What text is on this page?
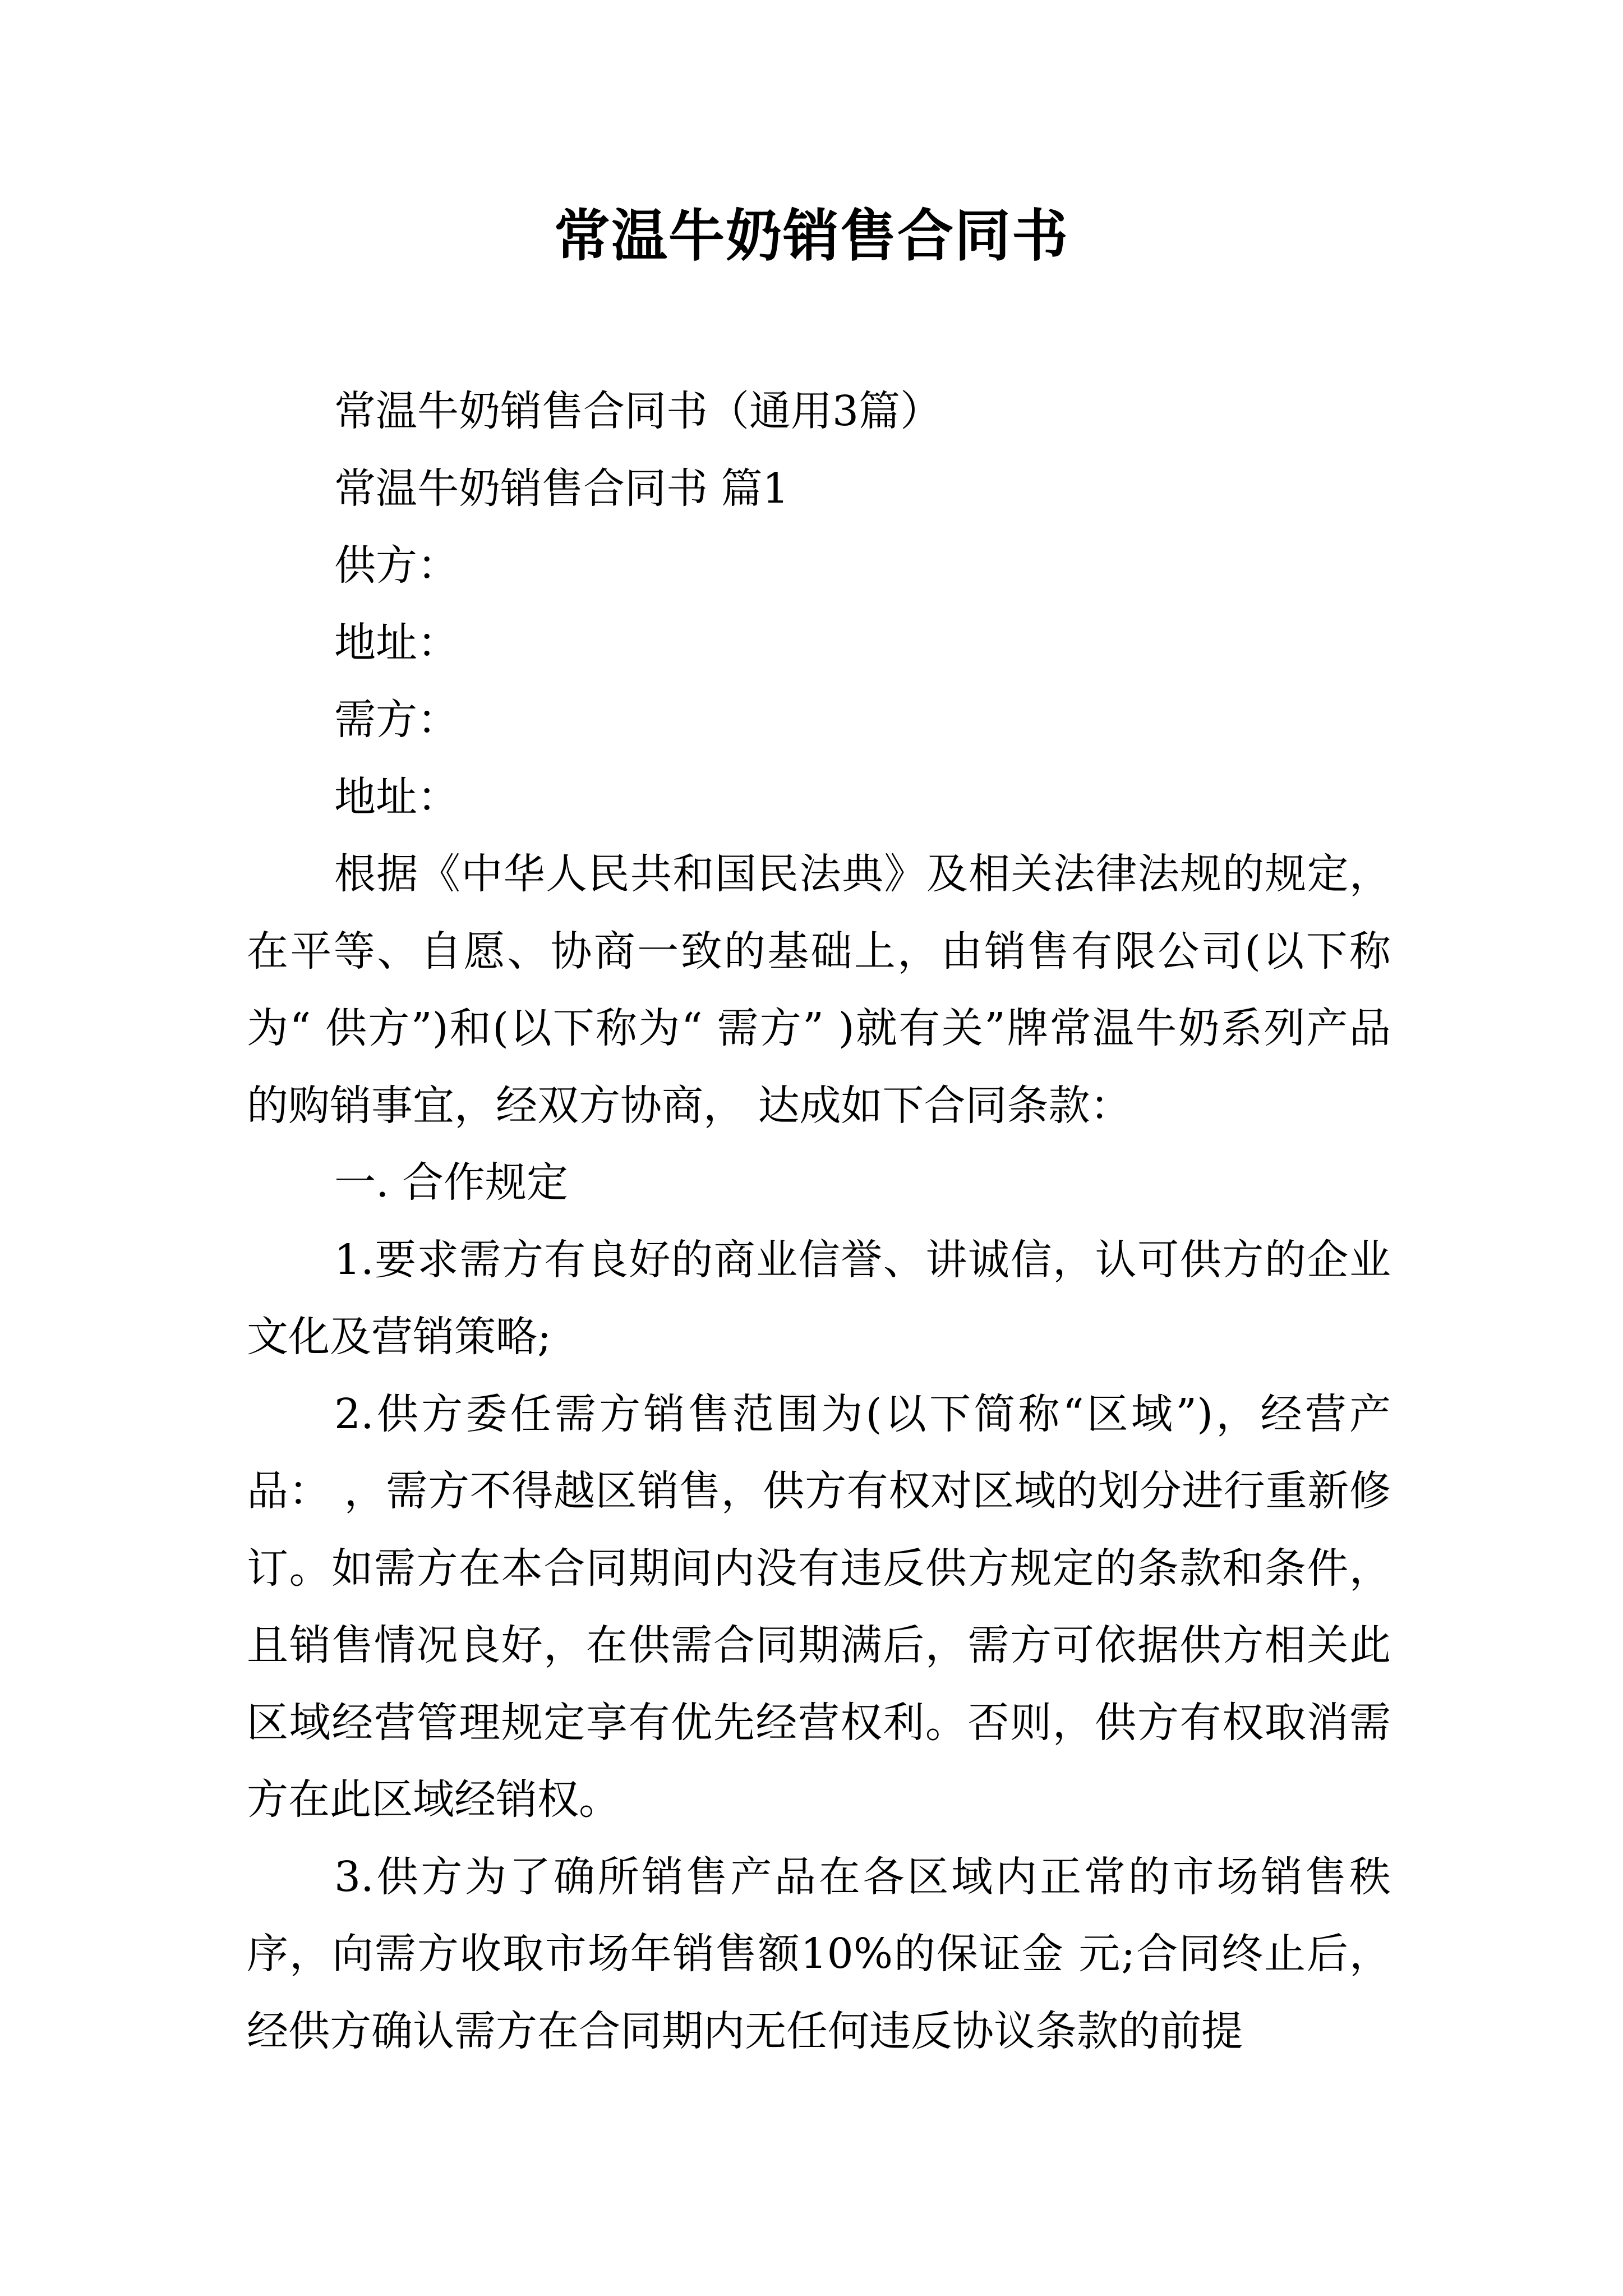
常温牛奶销售合同书

常温牛奶销售合同书（通用3篇）

常温牛奶销售合同书 篇1

供方：

地址：

需方：

地址：

根据《中华人民共和国民法典》及相关法律法规的规定，在平等、自愿、协商一致的基础上，由销售有限公司(以下称为“ 供方”)和(以下称为“ 需方” )就有关”牌常温牛奶系列产品的购销事宜，经双方协商， 达成如下合同条款：

一. 合作规定

1.要求需方有良好的商业信誉、讲诚信，认可供方的企业文化及营销策略;

2.供方委任需方销售范围为(以下简称“区域”)，经营产品： ，需方不得越区销售，供方有权对区域的划分进行重新修订。如需方在本合同期间内没有违反供方规定的条款和条件，且销售情况良好，在供需合同期满后，需方可依据供方相关此区域经营管理规定享有优先经营权利。否则，供方有权取消需方在此区域经销权。

3.供方为了确所销售产品在各区域内正常的市场销售秩序，向需方收取市场年销售额10%的保证金 元;合同终止后，经供方确认需方在合同期内无任何违反协议条款的前提
